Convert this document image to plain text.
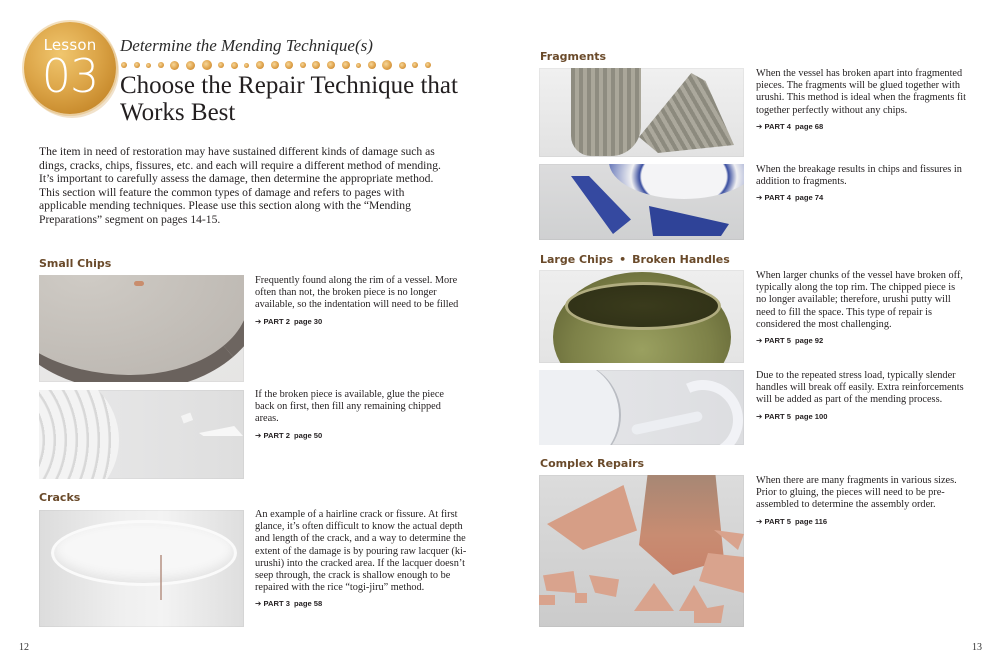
Lesson
03
Determine the Mending Technique(s)
Choose the Repair Technique that Works Best
The item in need of restoration may have sustained different kinds of damage such as dings, cracks, chips, fissures, etc. and each will require a different method of mending. It’s important to carefully assess the damage, then determine the appropriate method. This section will feature the common types of damage and refers to pages with applicable mending techniques. Please use this section along with the “Mending Preparations” segment on pages 14-15.
Small Chips
Frequently found along the rim of a vessel. More often than not, the broken piece is no longer available, so the indentation will need to be filled
➔ PART 2 page 30
If the broken piece is available, glue the piece back on first, then fill any remaining chipped areas.
➔ PART 2 page 50
Cracks
An example of a hairline crack or fissure. At first glance, it’s often difficult to know the actual depth and length of the crack, and a way to determine the extent of the damage is by pouring raw lacquer (ki-urushi) into the cracked area. If the lacquer doesn’t seep through, the crack is shallow enough to be repaired with the rice “togi-jiru” method.
➔ PART 3 page 58
12
Fragments
When the vessel has broken apart into fragmented pieces. The fragments will be glued together with urushi. This method is ideal when the fragments fit together perfectly without any chips.
➔ PART 4 page 68
When the breakage results in chips and fissures in addition to fragments.
➔ PART 4 page 74
Large Chips • Broken Handles
When larger chunks of the vessel have broken off, typically along the top rim. The chipped piece is no longer available; therefore, urushi putty will need to fill the space. This type of repair is considered the most challenging.
➔ PART 5 page 92
Due to the repeated stress load, typically slender handles will break off easily. Extra reinforcements will be added as part of the mending process.
➔ PART 5 page 100
Complex Repairs
When there are many fragments in various sizes. Prior to gluing, the pieces will need to be pre-assembled to determine the assembly order.
➔ PART 5 page 116
13
